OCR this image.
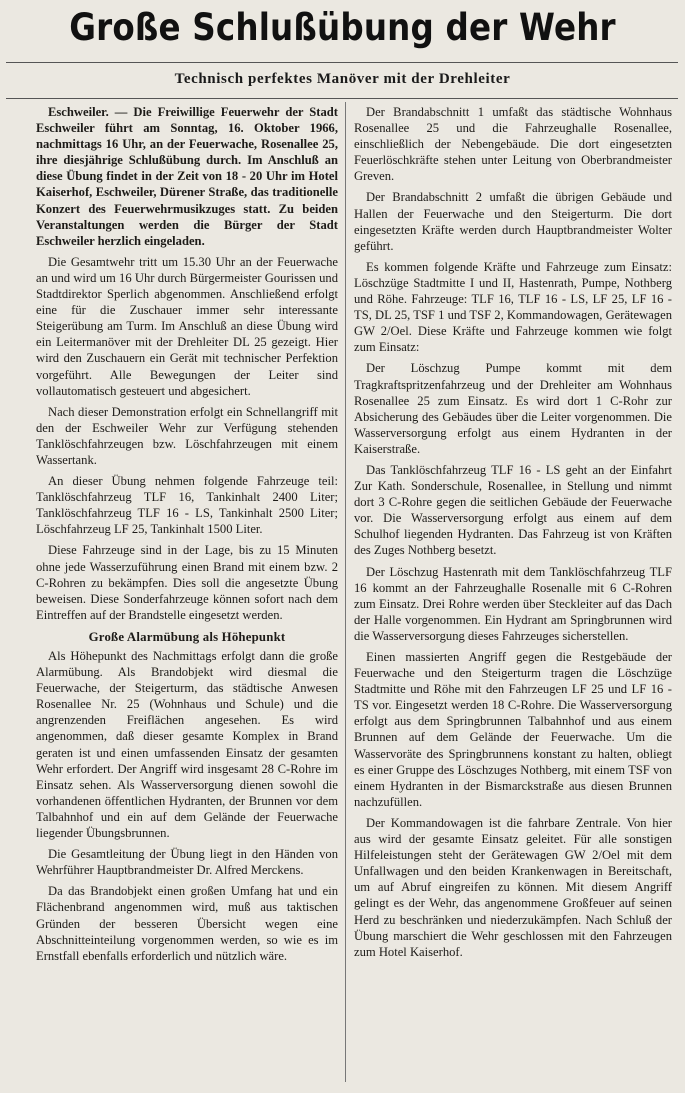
Große Schlußübung der Wehr
Technisch perfektes Manöver mit der Drehleiter

Eschweiler. — Die Freiwillige Feuerwehr der Stadt Eschweiler führt am Sonntag, 16. Oktober 1966, nachmittags 16 Uhr, an der Feuerwache, Rosenallee 25, ihre diesjährige Schlußübung durch. Im Anschluß an diese Übung findet in der Zeit von 18 - 20 Uhr im Hotel Kaiserhof, Eschweiler, Dürener Straße, das traditionelle Konzert des Feuerwehrmusikzuges statt. Zu beiden Veranstaltungen werden die Bürger der Stadt Eschweiler herzlich eingeladen.

Die Gesamtwehr tritt um 15.30 Uhr an der Feuerwache an und wird um 16 Uhr durch Bürgermeister Gourissen und Stadtdirektor Sperlich abgenommen. Anschließend erfolgt eine für die Zuschauer immer sehr interessante Steigerübung am Turm. Im Anschluß an diese Übung wird ein Leitermanöver mit der Drehleiter DL 25 gezeigt. Hier wird den Zuschauern ein Gerät mit technischer Perfektion vorgeführt. Alle Bewegungen der Leiter sind vollautomatisch gesteuert und abgesichert.

Nach dieser Demonstration erfolgt ein Schnellangriff mit den der Eschweiler Wehr zur Verfügung stehenden Tanklöschfahrzeugen bzw. Löschfahrzeugen mit einem Wassertank.

An dieser Übung nehmen folgende Fahrzeuge teil: Tanklöschfahrzeug TLF 16, Tankinhalt 2400 Liter; Tanklöschfahrzeug TLF 16 - LS, Tankinhalt 2500 Liter; Löschfahrzeug LF 25, Tankinhalt 1500 Liter.

Diese Fahrzeuge sind in der Lage, bis zu 15 Minuten ohne jede Wasserzuführung einen Brand mit einem bzw. 2 C-Rohren zu bekämpfen. Dies soll die angesetzte Übung beweisen. Diese Sonderfahrzeuge können sofort nach dem Eintreffen auf der Brandstelle eingesetzt werden.

Große Alarmübung als Höhepunkt

Als Höhepunkt des Nachmittags erfolgt dann die große Alarmübung. Als Brandobjekt wird diesmal die Feuerwache, der Steigerturm, das städtische Anwesen Rosenallee Nr. 25 (Wohnhaus und Schule) und die angrenzenden Freiflächen angesehen. Es wird angenommen, daß dieser gesamte Komplex in Brand geraten ist und einen umfassenden Einsatz der gesamten Wehr erfordert. Der Angriff wird insgesamt 28 C-Rohre im Einsatz sehen. Als Wasserversorgung dienen sowohl die vorhandenen öffentlichen Hydranten, der Brunnen vor dem Talbahnhof und ein auf dem Gelände der Feuerwache liegender Übungsbrunnen.

Die Gesamtleitung der Übung liegt in den Händen von Wehrführer Hauptbrandmeister Dr. Alfred Merckens.

Da das Brandobjekt einen großen Umfang hat und ein Flächenbrand angenommen wird, muß aus taktischen Gründen der besseren Übersicht wegen eine Abschnitteinteilung vorgenommen werden, so wie es im Ernstfall ebenfalls erforderlich und nützlich wäre.

Der Brandabschnitt 1 umfaßt das städtische Wohnhaus Rosenallee 25 und die Fahrzeughalle Rosenallee, einschließlich der Nebengebäude. Die dort eingesetzten Feuerlöschkräfte stehen unter Leitung von Oberbrandmeister Greven.

Der Brandabschnitt 2 umfaßt die übrigen Gebäude und Hallen der Feuerwache und den Steigerturm. Die dort eingesetzten Kräfte werden durch Hauptbrandmeister Wolter geführt.

Es kommen folgende Kräfte und Fahrzeuge zum Einsatz: Löschzüge Stadtmitte I und II, Hastenrath, Pumpe, Nothberg und Röhe. Fahrzeuge: TLF 16, TLF 16 - LS, LF 25, LF 16 - TS, DL 25, TSF 1 und TSF 2, Kommandowagen, Gerätewagen GW 2/Oel. Diese Kräfte und Fahrzeuge kommen wie folgt zum Einsatz:

Der Löschzug Pumpe kommt mit dem Tragkraftspritzenfahrzeug und der Drehleiter am Wohnhaus Rosenallee 25 zum Einsatz. Es wird dort 1 C-Rohr zur Absicherung des Gebäudes über die Leiter vorgenommen. Die Wasserversorgung erfolgt aus einem Hydranten in der Kaiserstraße.

Das Tanklöschfahrzeug TLF 16 - LS geht an der Einfahrt Zur Kath. Sonderschule, Rosenallee, in Stellung und nimmt dort 3 C-Rohre gegen die seitlichen Gebäude der Feuerwache vor. Die Wasserversorgung erfolgt aus einem auf dem Schulhof liegenden Hydranten. Das Fahrzeug ist von Kräften des Zuges Nothberg besetzt.

Der Löschzug Hastenrath mit dem Tanklöschfahrzeug TLF 16 kommt an der Fahrzeughalle Rosenalle mit 6 C-Rohren zum Einsatz. Drei Rohre werden über Steckleiter auf das Dach der Halle vorgenommen. Ein Hydrant am Springbrunnen wird die Wasserversorgung dieses Fahrzeuges sicherstellen.

Einen massierten Angriff gegen die Restgebäude der Feuerwache und den Steigerturm tragen die Löschzüge Stadtmitte und Röhe mit den Fahrzeugen LF 25 und LF 16 - TS vor. Eingesetzt werden 18 C-Rohre. Die Wasserversorgung erfolgt aus dem Springbrunnen Talbahnhof und aus einem Brunnen auf dem Gelände der Feuerwache. Um die Wasservoräte des Springbrunnens konstant zu halten, obliegt es einer Gruppe des Löschzuges Nothberg, mit einem TSF von einem Hydranten in der Bismarckstraße aus diesen Brunnen nachzufüllen.

Der Kommandowagen ist die fahrbare Zentrale. Von hier aus wird der gesamte Einsatz geleitet. Für alle sonstigen Hilfeleistungen steht der Gerätewagen GW 2/Oel mit dem Unfallwagen und den beiden Krankenwagen in Bereitschaft, um auf Abruf eingreifen zu können. Mit diesem Angriff gelingt es der Wehr, das angenommene Großfeuer auf seinen Herd zu beschränken und niederzukämpfen. Nach Schluß der Übung marschiert die Wehr geschlossen mit den Fahrzeugen zum Hotel Kaiserhof.
